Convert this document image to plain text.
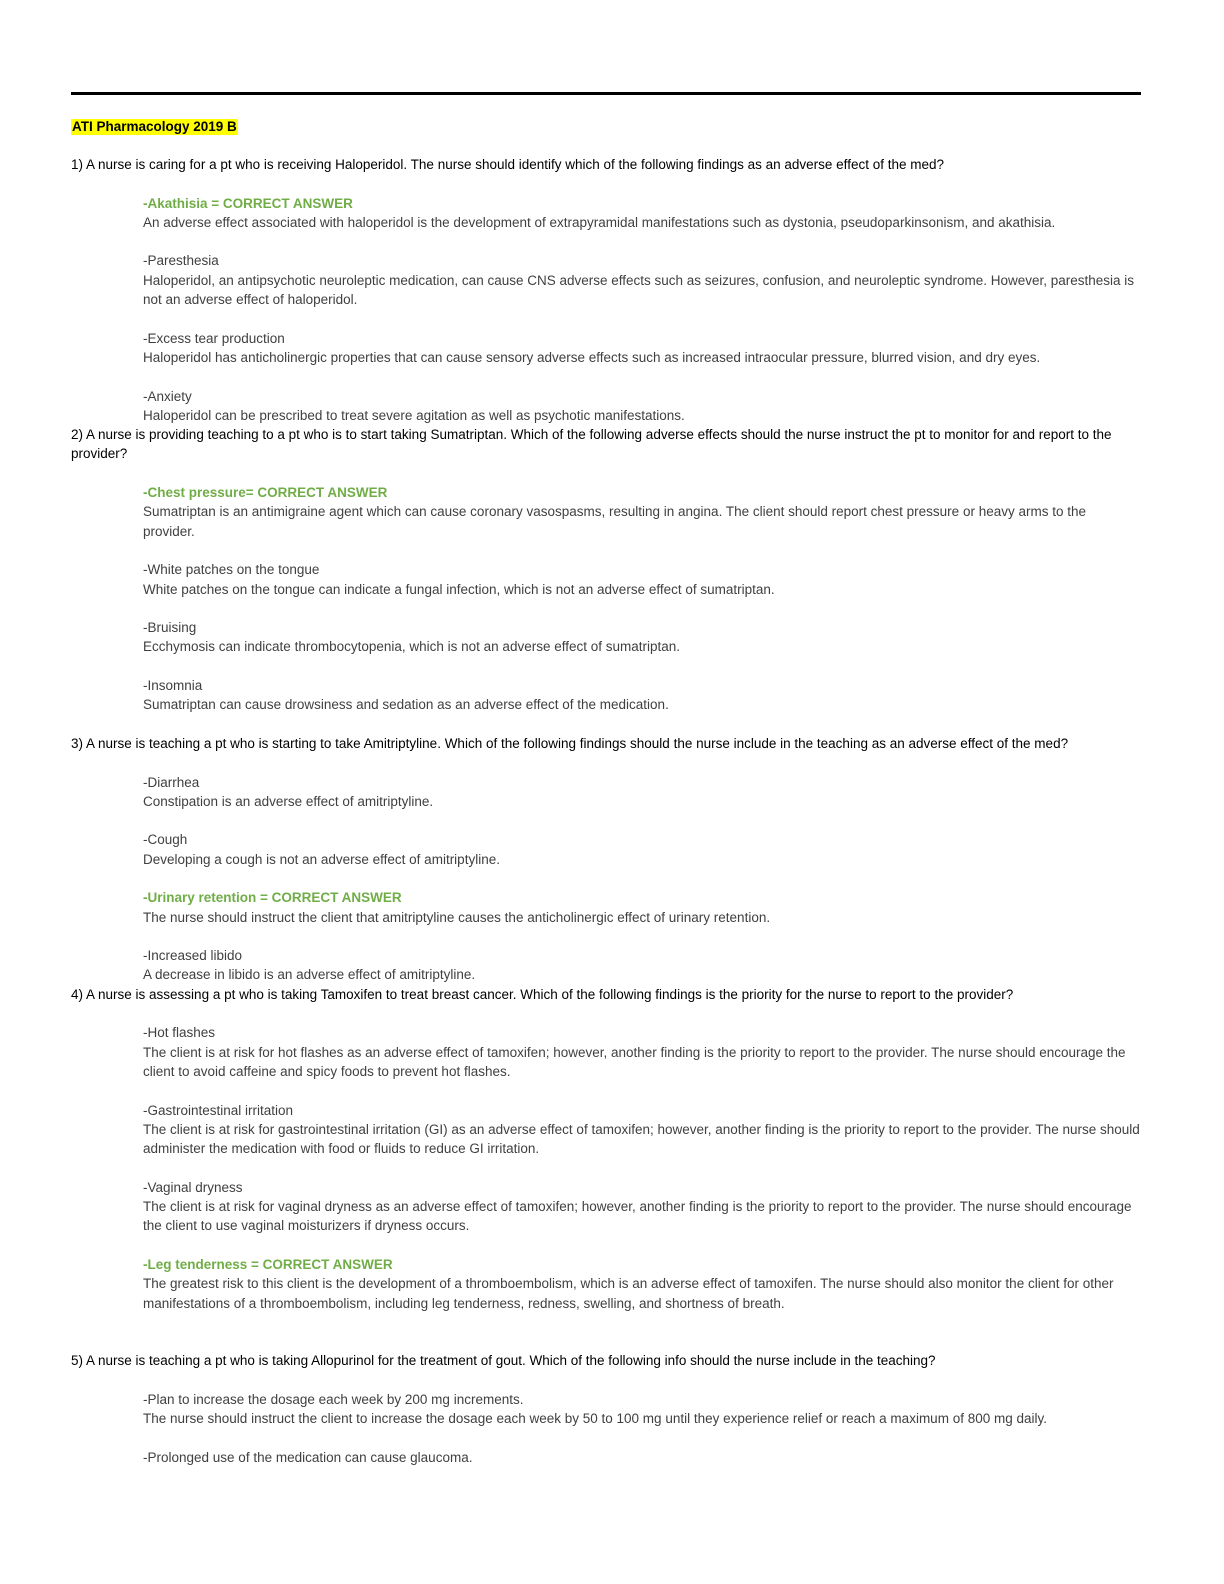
ATI Pharmacology 2019 B

1) A nurse is caring for a pt who is receiving Haloperidol. The nurse should identify which of the following findings as an adverse effect of the med?

-Akathisia = CORRECT ANSWER
An adverse effect associated with haloperidol is the development of extrapyramidal manifestations such as dystonia, pseudoparkinsonism, and akathisia.
-Paresthesia
Haloperidol, an antipsychotic neuroleptic medication, can cause CNS adverse effects such as seizures, confusion, and neuroleptic syndrome. However, paresthesia is not an adverse effect of haloperidol.
-Excess tear production
Haloperidol has anticholinergic properties that can cause sensory adverse effects such as increased intraocular pressure, blurred vision, and dry eyes.
-Anxiety
Haloperidol can be prescribed to treat severe agitation as well as psychotic manifestations.

2) A nurse is providing teaching to a pt who is to start taking Sumatriptan. Which of the following adverse effects should the nurse instruct the pt to monitor for and report to the provider?

-Chest pressure= CORRECT ANSWER
Sumatriptan is an antimigraine agent which can cause coronary vasospasms, resulting in angina. The client should report chest pressure or heavy arms to the provider.
-White patches on the tongue
White patches on the tongue can indicate a fungal infection, which is not an adverse effect of sumatriptan.
-Bruising
Ecchymosis can indicate thrombocytopenia, which is not an adverse effect of sumatriptan.
-Insomnia
Sumatriptan can cause drowsiness and sedation as an adverse effect of the medication.

3) A nurse is teaching a pt who is starting to take Amitriptyline. Which of the following findings should the nurse include in the teaching as an adverse effect of the med?

-Diarrhea
Constipation is an adverse effect of amitriptyline.
-Cough
Developing a cough is not an adverse effect of amitriptyline.
-Urinary retention = CORRECT ANSWER
The nurse should instruct the client that amitriptyline causes the anticholinergic effect of urinary retention.
-Increased libido
A decrease in libido is an adverse effect of amitriptyline.

4) A nurse is assessing a pt who is taking Tamoxifen to treat breast cancer. Which of the following findings is the priority for the nurse to report to the provider?

-Hot flashes
The client is at risk for hot flashes as an adverse effect of tamoxifen; however, another finding is the priority to report to the provider. The nurse should encourage the client to avoid caffeine and spicy foods to prevent hot flashes.
-Gastrointestinal irritation
The client is at risk for gastrointestinal irritation (GI) as an adverse effect of tamoxifen; however, another finding is the priority to report to the provider. The nurse should administer the medication with food or fluids to reduce GI irritation.
-Vaginal dryness
The client is at risk for vaginal dryness as an adverse effect of tamoxifen; however, another finding is the priority to report to the provider. The nurse should encourage the client to use vaginal moisturizers if dryness occurs.
-Leg tenderness = CORRECT ANSWER
The greatest risk to this client is the development of a thromboembolism, which is an adverse effect of tamoxifen. The nurse should also monitor the client for other manifestations of a thromboembolism, including leg tenderness, redness, swelling, and shortness of breath.

5) A nurse is teaching a pt who is taking Allopurinol for the treatment of gout. Which of the following info should the nurse include in the teaching?

-Plan to increase the dosage each week by 200 mg increments.
The nurse should instruct the client to increase the dosage each week by 50 to 100 mg until they experience relief or reach a maximum of 800 mg daily.
-Prolonged use of the medication can cause glaucoma.
